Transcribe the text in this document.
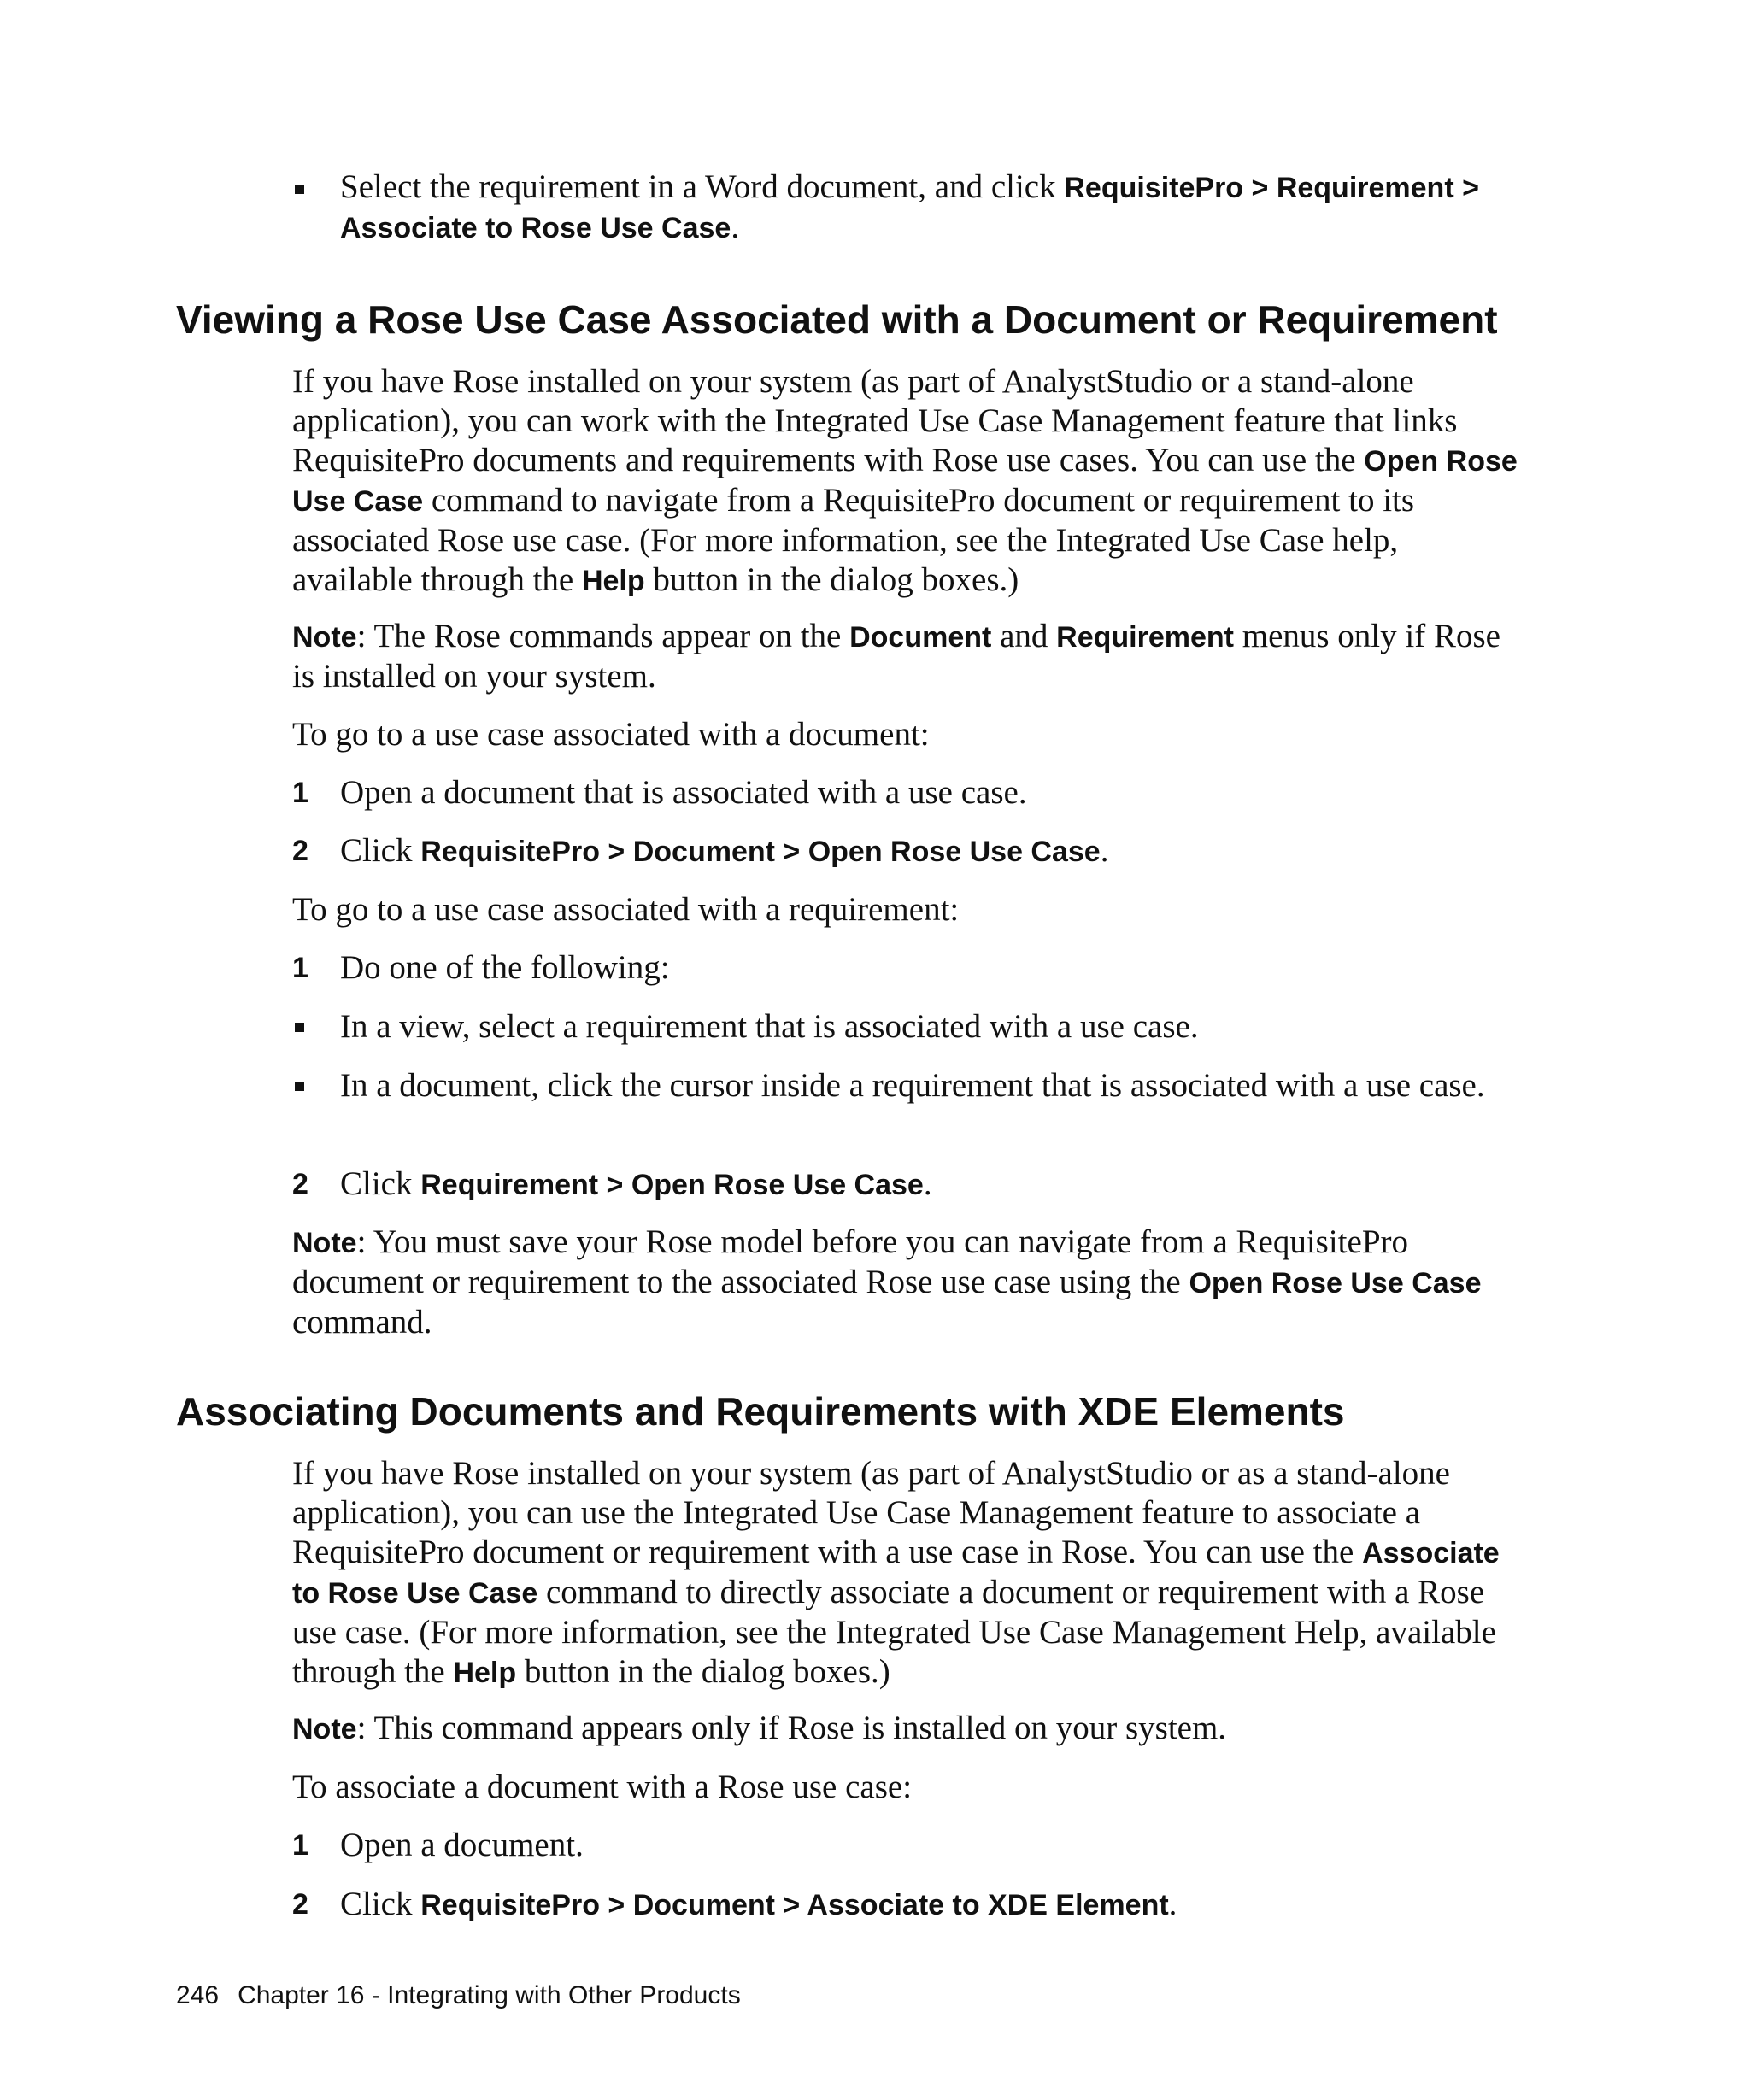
Select the requirement in a Word document, and click RequisitePro > Requirement > Associate to Rose Use Case.
Viewing a Rose Use Case Associated with a Document or Requirement
If you have Rose installed on your system (as part of AnalystStudio or a stand-alone application), you can work with the Integrated Use Case Management feature that links RequisitePro documents and requirements with Rose use cases. You can use the Open Rose Use Case command to navigate from a RequisitePro document or requirement to its associated Rose use case. (For more information, see the Integrated Use Case help, available through the Help button in the dialog boxes.)
Note: The Rose commands appear on the Document and Requirement menus only if Rose is installed on your system.
To go to a use case associated with a document:
1 Open a document that is associated with a use case.
2 Click RequisitePro > Document > Open Rose Use Case.
To go to a use case associated with a requirement:
1 Do one of the following:
In a view, select a requirement that is associated with a use case.
In a document, click the cursor inside a requirement that is associated with a use case.
2 Click Requirement > Open Rose Use Case.
Note: You must save your Rose model before you can navigate from a RequisitePro document or requirement to the associated Rose use case using the Open Rose Use Case command.
Associating Documents and Requirements with XDE Elements
If you have Rose installed on your system (as part of AnalystStudio or as a stand-alone application), you can use the Integrated Use Case Management feature to associate a RequisitePro document or requirement with a use case in Rose. You can use the Associate to Rose Use Case command to directly associate a document or requirement with a Rose use case. (For more information, see the Integrated Use Case Management Help, available through the Help button in the dialog boxes.)
Note: This command appears only if Rose is installed on your system.
To associate a document with a Rose use case:
1 Open a document.
2 Click RequisitePro > Document > Associate to XDE Element.
246 Chapter 16 - Integrating with Other Products
